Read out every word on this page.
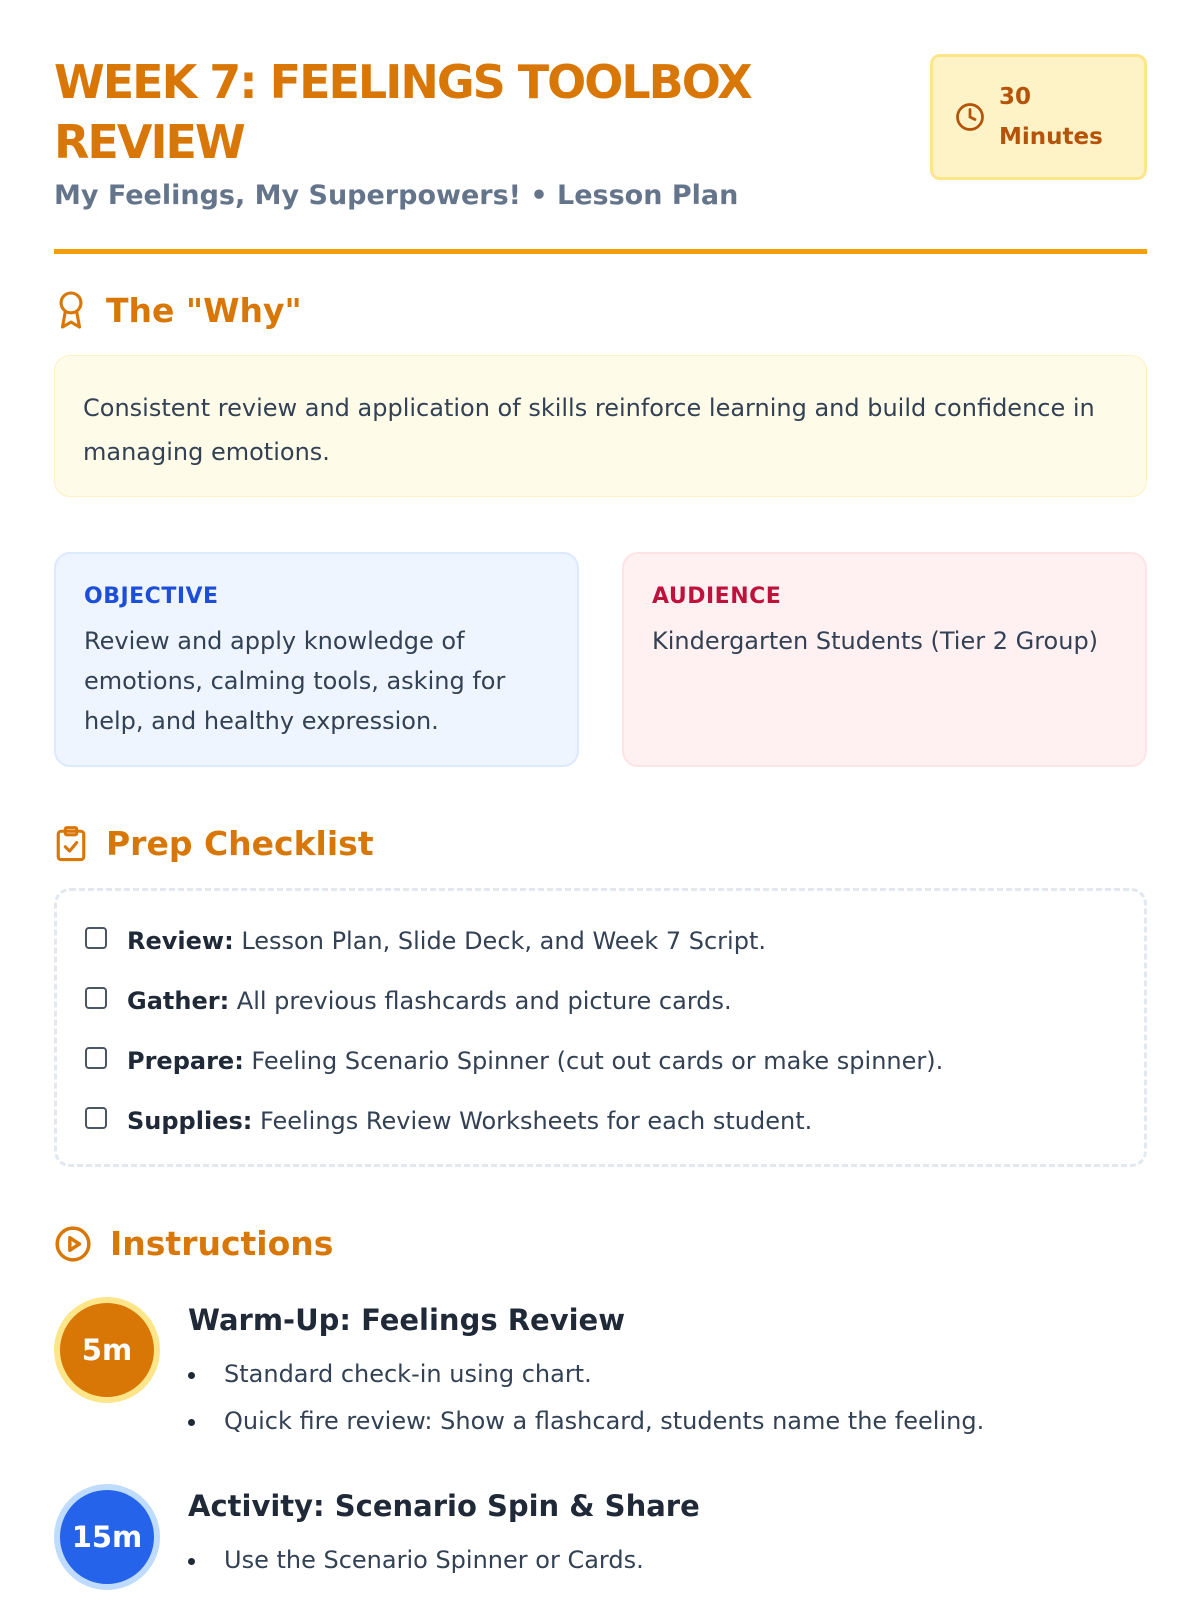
WEEK 7: FEELINGS TOOLBOX REVIEW
My Feelings, My Superpowers! • Lesson Plan
30 Minutes
The "Why"
Consistent review and application of skills reinforce learning and build confidence in managing emotions.
OBJECTIVE
Review and apply knowledge of emotions, calming tools, asking for help, and healthy expression.
AUDIENCE
Kindergarten Students (Tier 2 Group)
Prep Checklist
Review: Lesson Plan, Slide Deck, and Week 7 Script.
Gather: All previous flashcards and picture cards.
Prepare: Feeling Scenario Spinner (cut out cards or make spinner).
Supplies: Feelings Review Worksheets for each student.
Instructions
5m
Warm-Up: Feelings Review
Standard check-in using chart.
Quick fire review: Show a flashcard, students name the feeling.
15m
Activity: Scenario Spin & Share
Use the Scenario Spinner or Cards.
